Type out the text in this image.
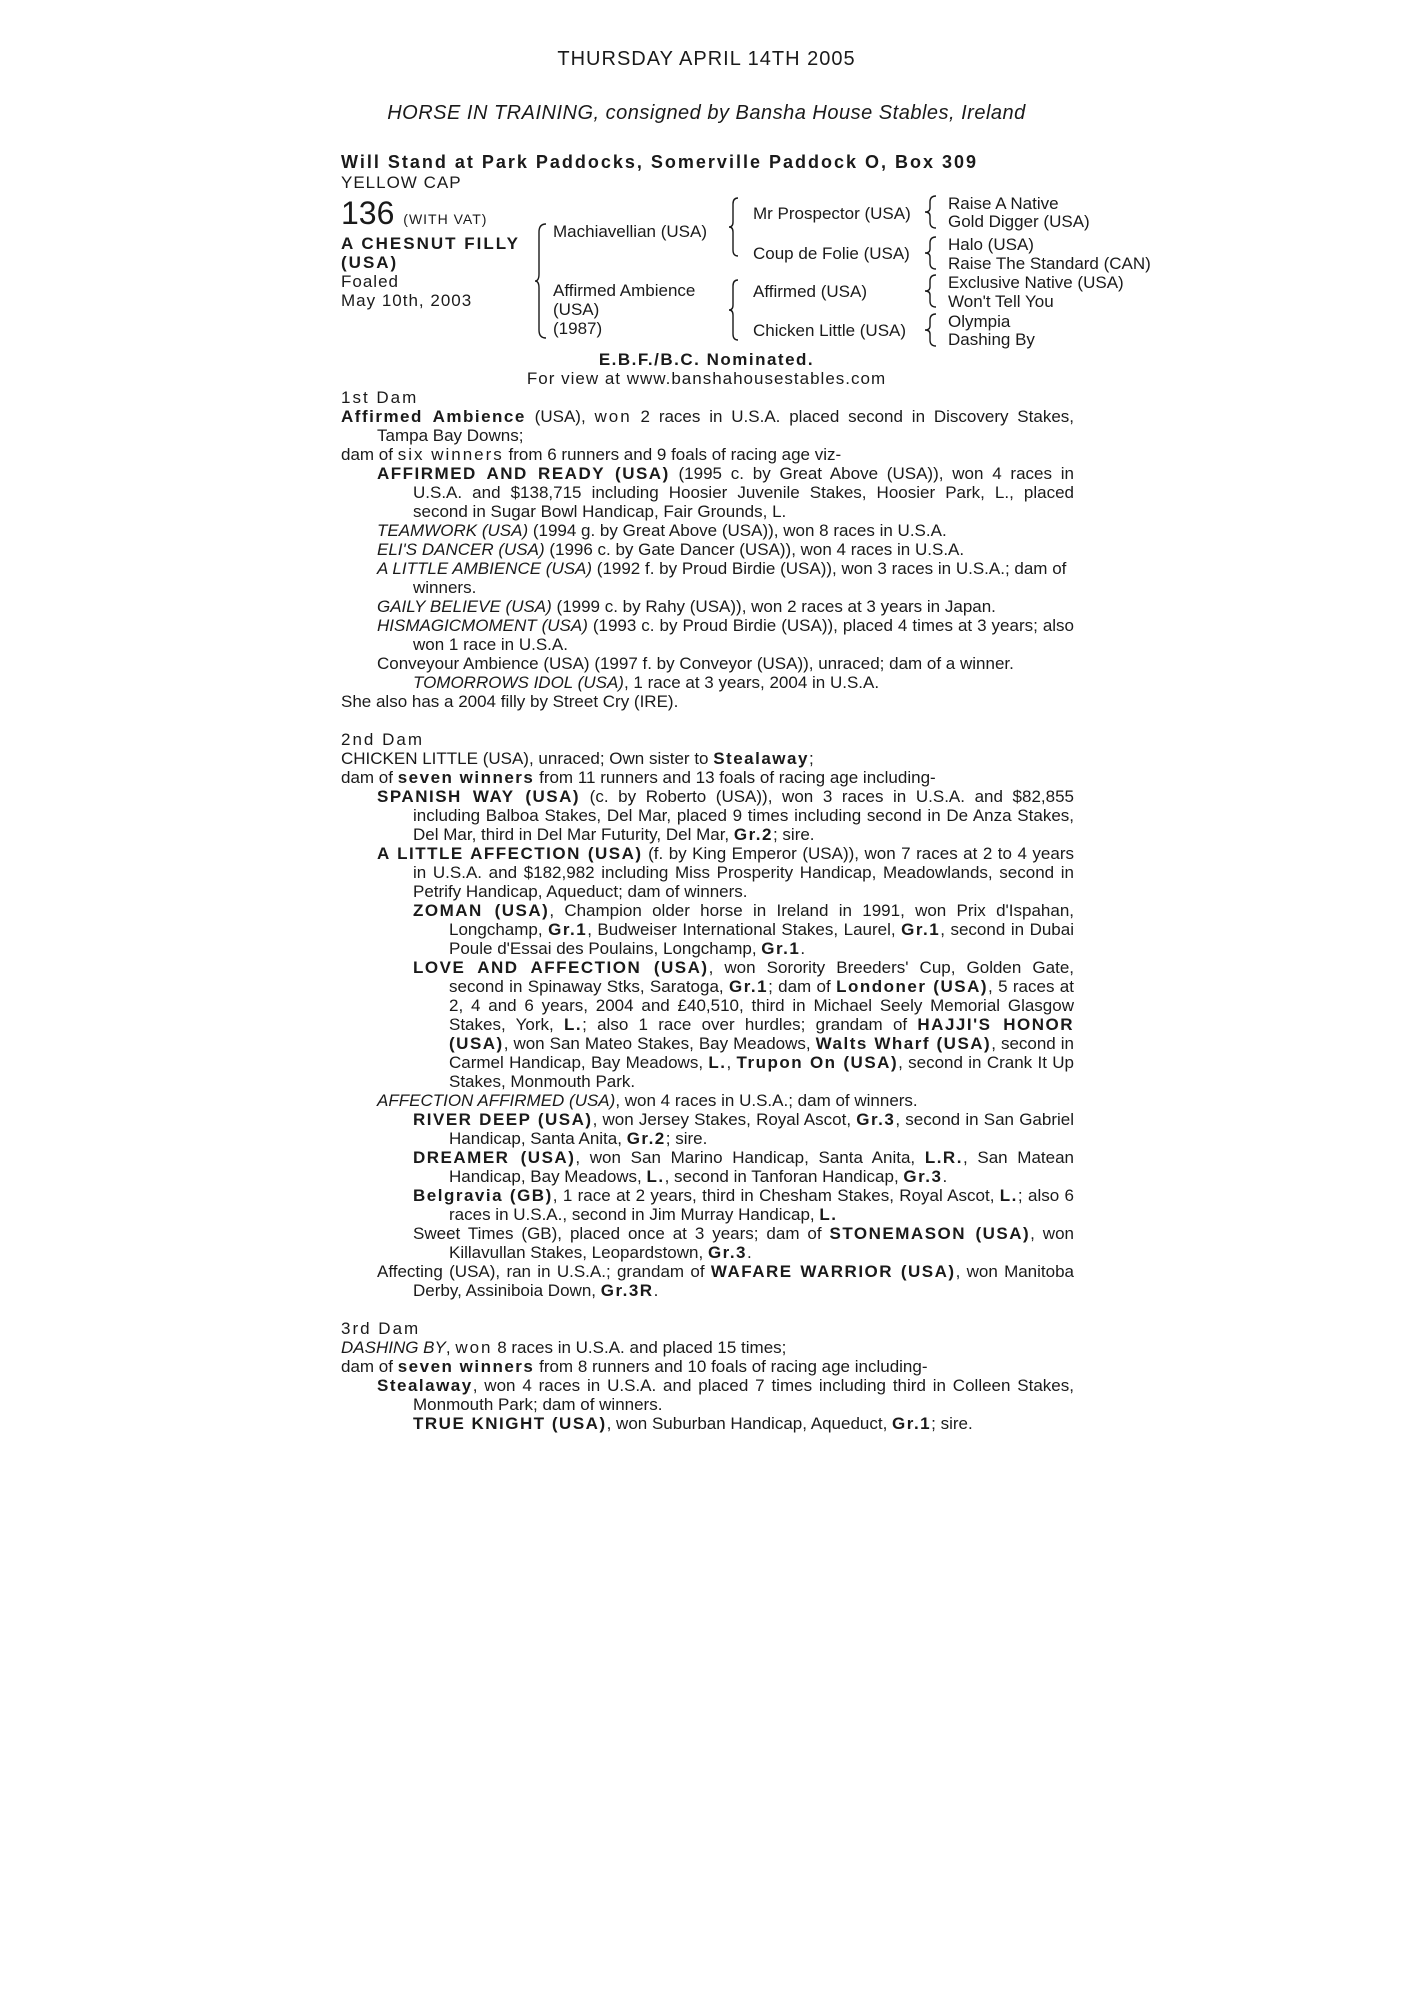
THURSDAY APRIL 14TH 2005
HORSE IN TRAINING, consigned by Bansha House Stables, Ireland
Will Stand at Park Paddocks, Somerville Paddock O, Box 309
YELLOW CAP
136 (WITH VAT)
A CHESNUT FILLY
(USA)
Foaled
May 10th, 2003
Machiavellian (USA)
Affirmed Ambience
(USA)
(1987)
Mr Prospector (USA)
Coup de Folie (USA)
Affirmed (USA)
Chicken Little (USA)
Raise A Native
Gold Digger (USA)
Halo (USA)
Raise The Standard (CAN)
Exclusive Native (USA)
Won't Tell You
Olympia
Dashing By
E.B.F./B.C. Nominated.
For view at www.banshahousestables.com
1st Dam
Affirmed Ambience (USA), won 2 races in U.S.A. placed second in Discovery Stakes, Tampa Bay Downs;
dam of six winners from 6 runners and 9 foals of racing age viz-
AFFIRMED AND READY (USA) (1995 c. by Great Above (USA)), won 4 races in U.S.A. and $138,715 including Hoosier Juvenile Stakes, Hoosier Park, L., placed second in Sugar Bowl Handicap, Fair Grounds, L.
TEAMWORK (USA) (1994 g. by Great Above (USA)), won 8 races in U.S.A.
ELI'S DANCER (USA) (1996 c. by Gate Dancer (USA)), won 4 races in U.S.A.
A LITTLE AMBIENCE (USA) (1992 f. by Proud Birdie (USA)), won 3 races in U.S.A.; dam of winners.
GAILY BELIEVE (USA) (1999 c. by Rahy (USA)), won 2 races at 3 years in Japan.
HISMAGICMOMENT (USA) (1993 c. by Proud Birdie (USA)), placed 4 times at 3 years; also won 1 race in U.S.A.
Conveyour Ambience (USA) (1997 f. by Conveyor (USA)), unraced; dam of a winner.
TOMORROWS IDOL (USA), 1 race at 3 years, 2004 in U.S.A.
She also has a 2004 filly by Street Cry (IRE).
2nd Dam
CHICKEN LITTLE (USA), unraced; Own sister to Stealaway;
dam of seven winners from 11 runners and 13 foals of racing age including-
SPANISH WAY (USA) (c. by Roberto (USA)), won 3 races in U.S.A. and $82,855 including Balboa Stakes, Del Mar, placed 9 times including second in De Anza Stakes, Del Mar, third in Del Mar Futurity, Del Mar, Gr.2; sire.
A LITTLE AFFECTION (USA) (f. by King Emperor (USA)), won 7 races at 2 to 4 years in U.S.A. and $182,982 including Miss Prosperity Handicap, Meadowlands, second in Petrify Handicap, Aqueduct; dam of winners.
ZOMAN (USA), Champion older horse in Ireland in 1991, won Prix d'Ispahan, Longchamp, Gr.1, Budweiser International Stakes, Laurel, Gr.1, second in Dubai Poule d'Essai des Poulains, Longchamp, Gr.1.
LOVE AND AFFECTION (USA), won Sorority Breeders' Cup, Golden Gate, second in Spinaway Stks, Saratoga, Gr.1; dam of Londoner (USA), 5 races at 2, 4 and 6 years, 2004 and £40,510, third in Michael Seely Memorial Glasgow Stakes, York, L.; also 1 race over hurdles; grandam of HAJJI'S HONOR (USA), won San Mateo Stakes, Bay Meadows, Walts Wharf (USA), second in Carmel Handicap, Bay Meadows, L., Trupon On (USA), second in Crank It Up Stakes, Monmouth Park.
AFFECTION AFFIRMED (USA), won 4 races in U.S.A.; dam of winners.
RIVER DEEP (USA), won Jersey Stakes, Royal Ascot, Gr.3, second in San Gabriel Handicap, Santa Anita, Gr.2; sire.
DREAMER (USA), won San Marino Handicap, Santa Anita, L.R., San Matean Handicap, Bay Meadows, L., second in Tanforan Handicap, Gr.3.
Belgravia (GB), 1 race at 2 years, third in Chesham Stakes, Royal Ascot, L.; also 6 races in U.S.A., second in Jim Murray Handicap, L.
Sweet Times (GB), placed once at 3 years; dam of STONEMASON (USA), won Killavullan Stakes, Leopardstown, Gr.3.
Affecting (USA), ran in U.S.A.; grandam of WAFARE WARRIOR (USA), won Manitoba Derby, Assiniboia Down, Gr.3R.
3rd Dam
DASHING BY, won 8 races in U.S.A. and placed 15 times;
dam of seven winners from 8 runners and 10 foals of racing age including-
Stealaway, won 4 races in U.S.A. and placed 7 times including third in Colleen Stakes, Monmouth Park; dam of winners.
TRUE KNIGHT (USA), won Suburban Handicap, Aqueduct, Gr.1; sire.
